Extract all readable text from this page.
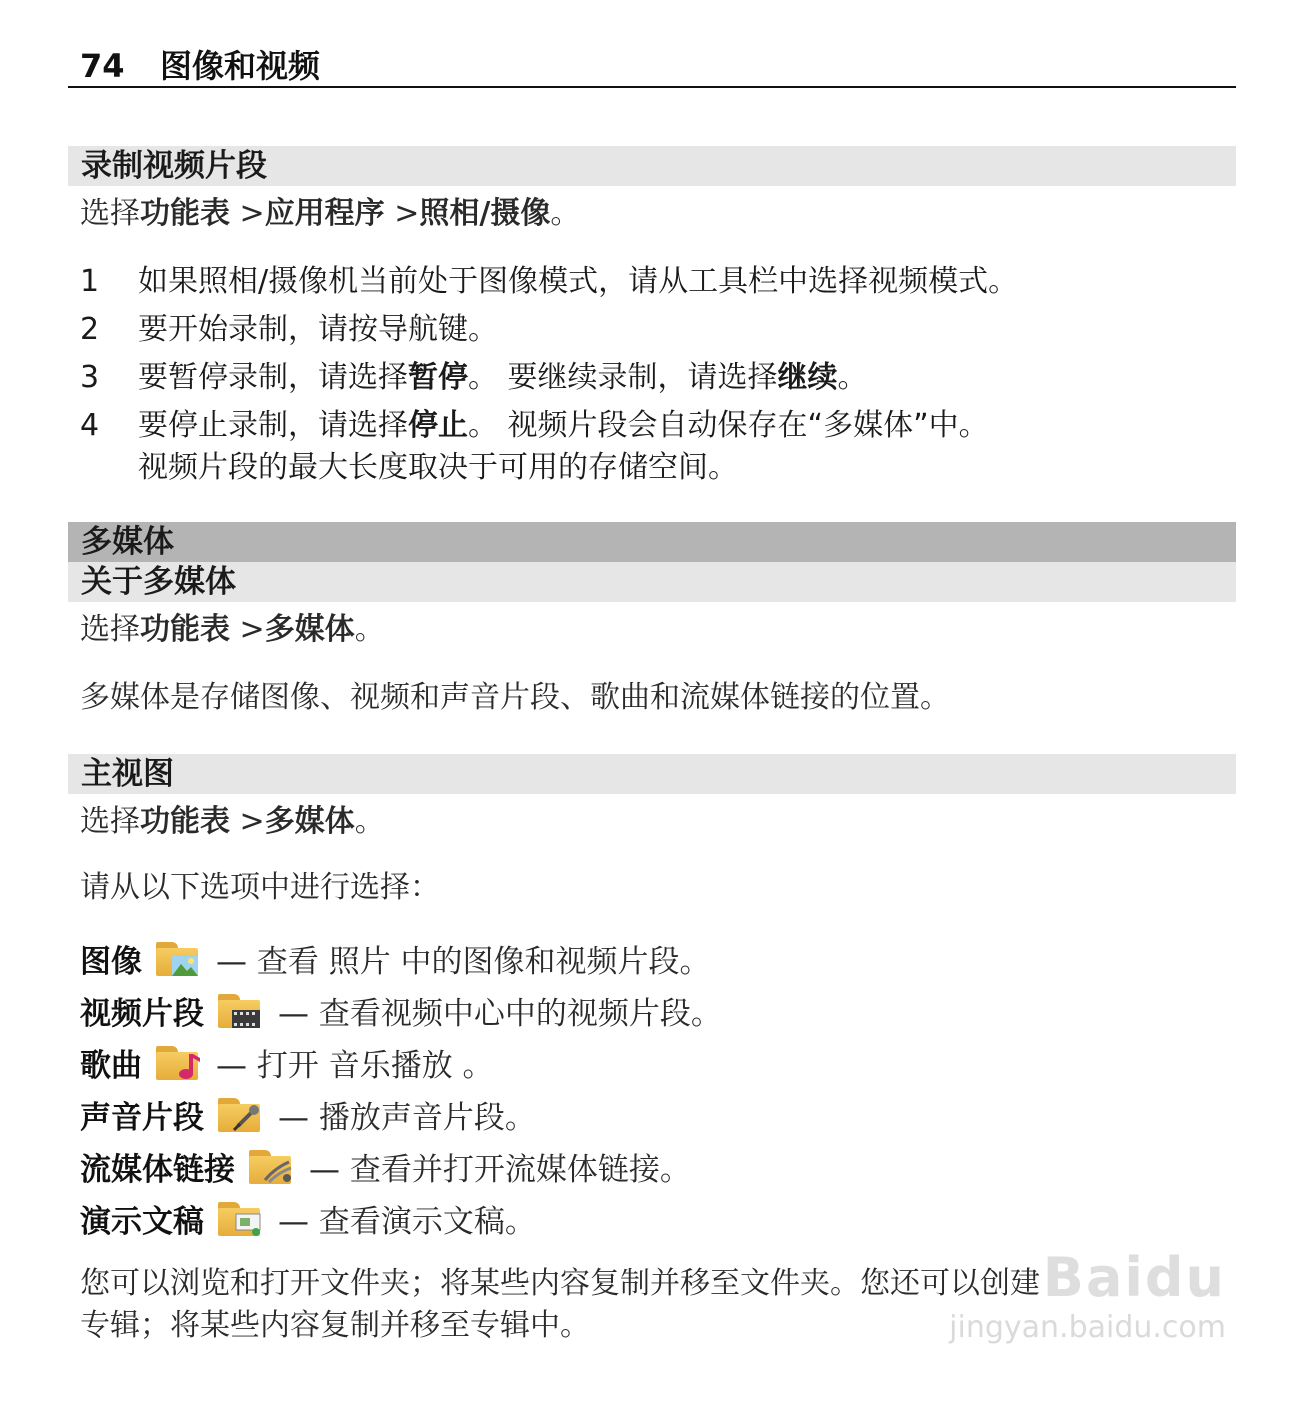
74 图像和视频
录制视频片段
选择功能表 >应用程序 >照相/摄像。
1 如果照相/摄像机当前处于图像模式，请从工具栏中选择视频模式。
2 要开始录制，请按导航键。
3 要暂停录制，请选择暂停。 要继续录制，请选择继续。
4 要停止录制，请选择停止。 视频片段会自动保存在“多媒体”中。
视频片段的最大长度取决于可用的存储空间。
多媒体
关于多媒体
选择功能表 >多媒体。
多媒体是存储图像、视频和声音片段、歌曲和流媒体链接的位置。
主视图
选择功能表 >多媒体。
请从以下选项中进行选择：
图像 — 查看 照片 中的图像和视频片段。
视频片段 — 查看视频中心中的视频片段。
歌曲 — 打开 音乐播放 。
声音片段 — 播放声音片段。
流媒体链接 — 查看并打开流媒体链接。
演示文稿 — 查看演示文稿。
您可以浏览和打开文件夹；将某些内容复制并移至文件夹。您还可以创建
专辑；将某些内容复制并移至专辑中。
Baidu
jingyan.baidu.com
